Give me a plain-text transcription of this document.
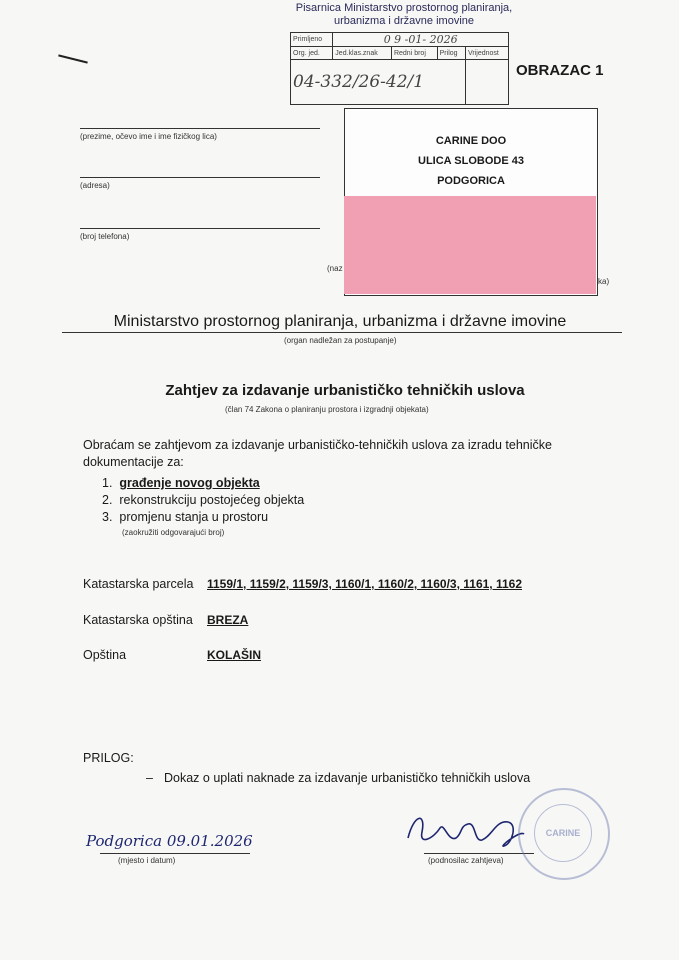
Pisarnica Ministarstvo prostornog planiranja,
urbanizma i državne imovine
Primljeno	0 9 -01- 2026			
Org. jed.	Jed.klas.znak	Redni broj	Prilog	Vrijednost
04-332/26-42/1				
OBRAZAC 1
(prezime, očevo ime i ime fizičkog lica)
(adresa)
(broj telefona)
CARINE DOO
ULICA SLOBODE 43
PODGORICA
(naz
ka)
Ministarstvo prostornog planiranja, urbanizma i državne imovine
(organ nadležan za postupanje)
Zahtjev za izdavanje urbanističko tehničkih uslova
(član 74 Zakona o planiranju prostora i izgradnji objekata)
Obraćam se zahtjevom za izdavanje urbanističko-tehničkih uslova za izradu tehničke
dokumentacije za:
1. građenje novog objekta
2. rekonstrukciju postojećeg objekta
3. promjenu stanja u prostoru
(zaokružiti odgovarajući broj)
Katastarska parcela 1159/1, 1159/2, 1159/3, 1160/1, 1160/2, 1160/3, 1161, 1162
Katastarska opština BREZA
Opština	KOLAŠIN
PRILOG:
– Dokaz o uplati naknade za izdavanje urbanističko tehničkih uslova
Podgorica 09.01.2026
(mjesto i datum)	(podnosilac zahtjeva)
CARINE
